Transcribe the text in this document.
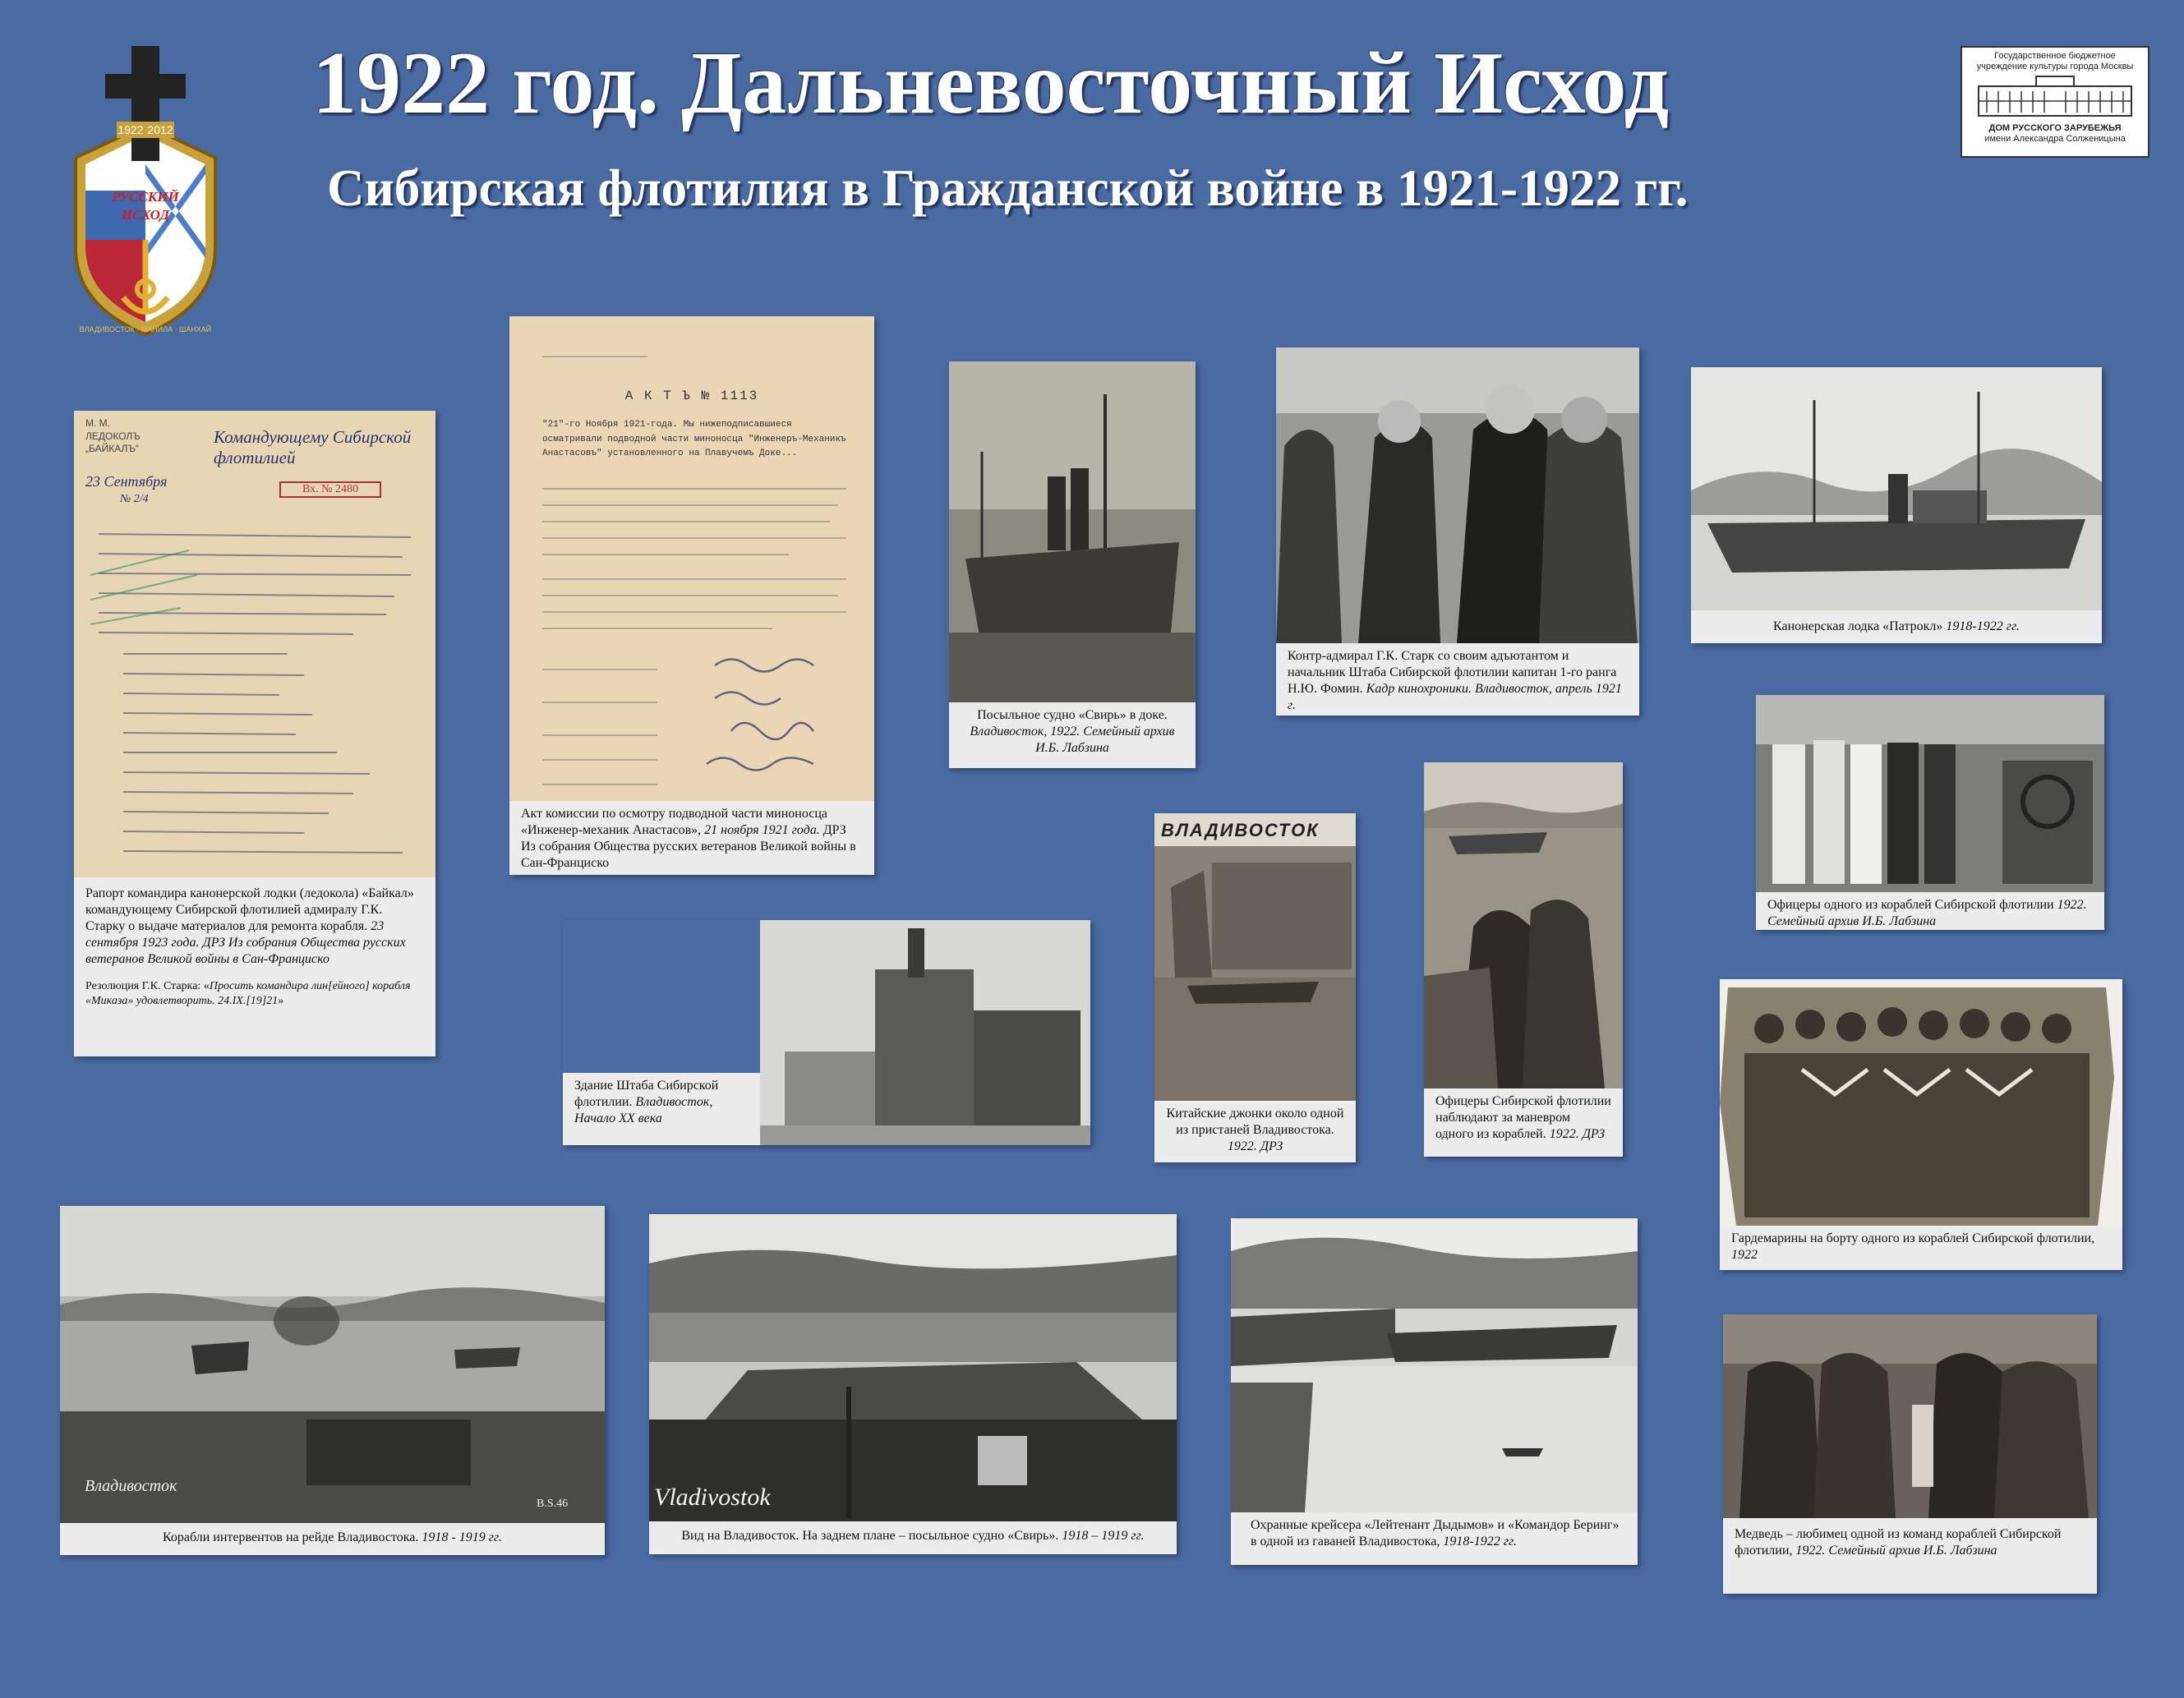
1922 год. Дальневосточный Исход
Сибирская флотилия в Гражданской войне в 1921-1922 гг.
1922 2012
РУССКИЙ
ИСХОД
ВЛАДИВОСТОК · МАНИЛА · ШАНХАЙ
Государственное бюджетное
учреждение культуры города Москвы
ДОМ РУССКОГО ЗАРУБЕЖЬЯ
имени Александра Солженицына
М. М.
ЛЕДОКОЛЪ
„БАЙКАЛЪ“
23 Сентября
№ 2/4
Командующему Сибирской флотилией
Вх. № 2480
Рапорт командира канонерской лодки (ледокола) «Байкал» командующему Сибирской флотилией адмиралу Г.К. Старку о выдаче материалов для ремонта корабля. 23 сентября 1923 года. ДРЗ Из собрания Общества русских ветеранов Великой войны в Сан-Франциско
Резолюция Г.К. Старка: «Просить командира лин[ейного] корабля «Миказа» удовлетворить. 24.IX.[19]21»
—————————
А К Т Ъ № 1113
"21"-го Ноября 1921-года. Мы нижеподписавшиеся осматривали подводной части миноносца "Инженеръ-Механикъ Анастасовъ" установленного на Плавучемъ Доке...
Акт комиссии по осмотру подводной части миноносца «Инженер-механик Анастасов», 21 ноября 1921 года. ДРЗ Из собрания Общества русских ветеранов Великой войны в Сан-Франциско
Посыльное судно «Свирь» в доке. Владивосток, 1922. Семейный архив И.Б. Лабзина
Контр-адмирал Г.К. Старк со своим адъютантом и начальник Штаба Сибирской флотилии капитан 1-го ранга Н.Ю. Фомин. Кадр кинохроники. Владивосток, апрель 1921 г.
Канонерская лодка «Патрокл» 1918-1922 гг.
Офицеры одного из кораблей Сибирской флотилии 1922. Семейный архив И.Б. Лабзина
Здание Штаба Сибирской флотилии. Владивосток, Начало XX века
ВЛАДИВОСТОК
Китайские джонки около одной из пристаней Владивостока. 1922. ДРЗ
Офицеры Сибирской флотилии наблюдают за маневром одного из кораблей. 1922. ДРЗ
Гардемарины на борту одного из кораблей Сибирской флотилии, 1922
Владивосток
B.S.46
Корабли интервентов на рейде Владивостока. 1918 - 1919 гг.
Vladivostok
Вид на Владивосток. На заднем плане – посыльное судно «Свирь». 1918 – 1919 гг.
Охранные крейсера «Лейтенант Дыдымов» и «Командор Беринг» в одной из гаваней Владивостока, 1918-1922 гг.
Медведь – любимец одной из команд кораблей Сибирской флотилии, 1922. Семейный архив И.Б. Лабзина
